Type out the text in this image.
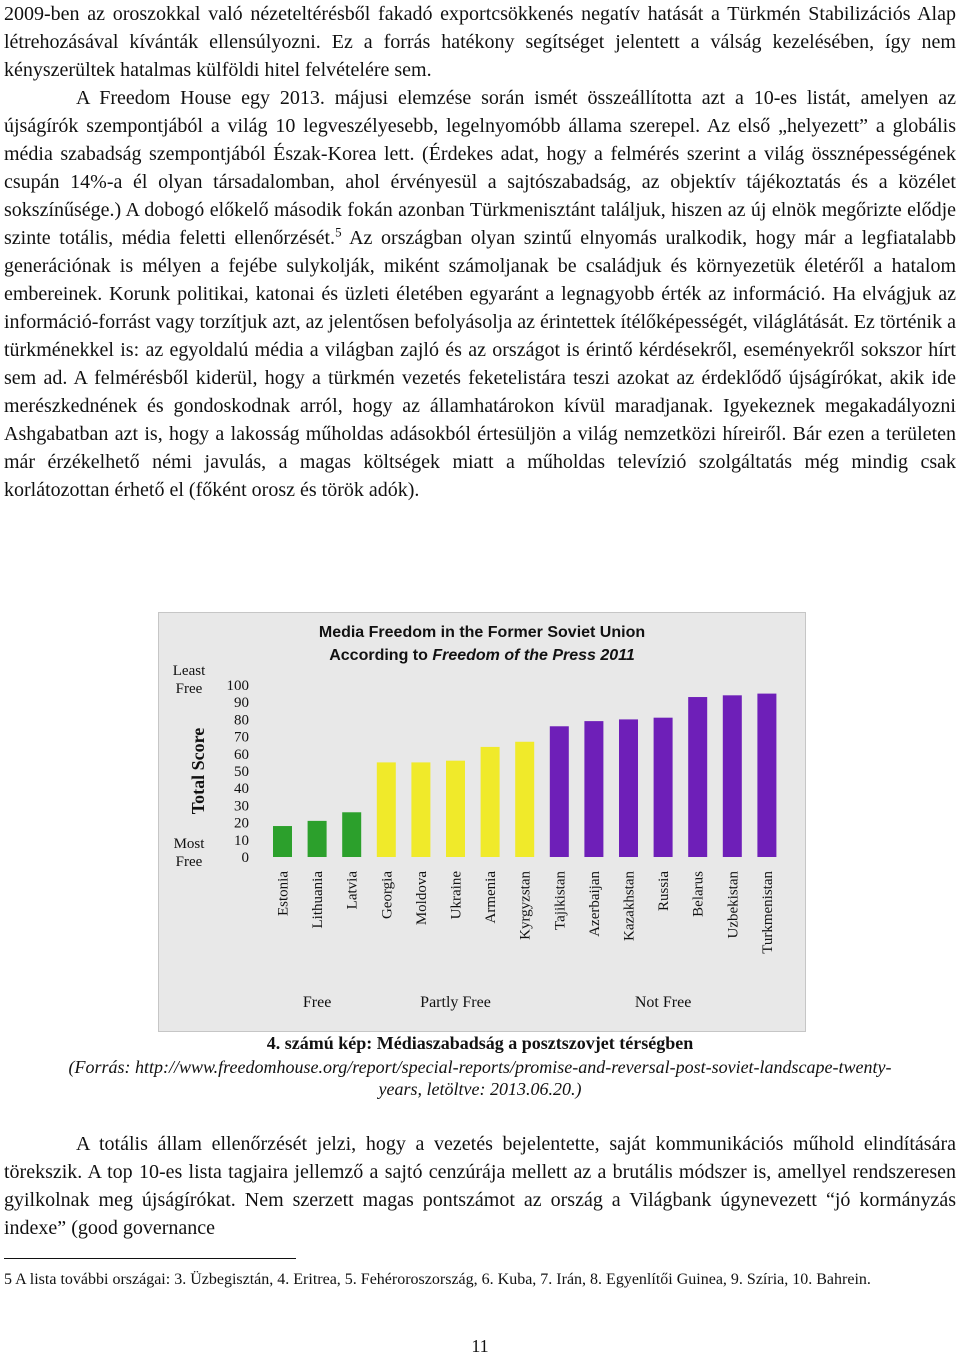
2009-ben az oroszokkal való nézeteltérésből fakadó exportcsökkenés negatív hatását a Türkmén Stabilizációs Alap létrehozásával kívánták ellensúlyozni. Ez a forrás hatékony segítséget jelentett a válság kezelésében, így nem kényszerültek hatalmas külföldi hitel felvételére sem.

A Freedom House egy 2013. májusi elemzése során ismét összeállította azt a 10-es listát, amelyen az újságírók szempontjából a világ 10 legveszélyesebb, legelnyomóbb állama szerepel. Az első „helyezett” a globális média szabadság szempontjából Észak-Korea lett. (Érdekes adat, hogy a felmérés szerint a világ össznépességének csupán 14%-a él olyan társadalomban, ahol érvényesül a sajtószabadság, az objektív tájékoztatás és a közélet sokszínűsége.) A dobogó előkelő második fokán azonban Türkmenisztánt találjuk, hiszen az új elnök megőrizte elődje szinte totális, média feletti ellenőrzését.$^5$ Az országban olyan szintű elnyomás uralkodik, hogy már a legfiatalabb generációnak is mélyen a fejébe sulykolják, miként számoljanak be családjuk és környezetük életéről a hatalom embereinek. Korunk politikai, katonai és üzleti életében egyaránt a legnagyobb érték az információ. Ha elvágjuk az információ-forrást vagy torzítjuk azt, az jelentősen befolyásolja az érintettek ítélőképességét, világlátását. Ez történik a türkménekkel is: az egyoldalú média a világban zajló és az országot is érintő kérdésekről, eseményekről sokszor hírt sem ad. A felmérésből kiderül, hogy a türkmén vezetés feketelistára teszi azokat az érdeklődő újságírókat, akik ide merészkednének és gondoskodnak arról, hogy az államhatárokon kívül maradjanak. Igyekeznek megakadályozni Ashgabatban azt is, hogy a lakosság műholdas adásokból értesüljön a világ nemzetközi híreiről. Bár ezen a területen már érzékelhető némi javulás, a magas költségek miatt a műholdas televízió szolgáltatás még mindig csak korlátozottan érhető el (főként orosz és török adók).

0
10
20
30
40
50
60
70
80
90
100
Least
Free
Most
Free
Total Score
Estonia Lithuania Latvia Georgia Moldova Ukraine Armenia Kyrgyzstan Tajikistan Azerbaijan Kazakhstan Russia Belarus Uzbekistan Turkmenistan
Free	Partly Free	Not Free
Media Freedom in the Former Soviet Union
According to Freedom of the Press 2011

4. számú kép: Médiaszabadság a posztszovjet térségben

(Forrás: http://www.freedomhouse.org/report/special-reports/promise-and-reversal-post-soviet-landscape-twenty-

years, letöltve: 2013.06.20.)

A totális állam ellenőrzését jelzi, hogy a vezetés bejelentette, saját kommunikációs műhold elindítására törekszik. A top 10-es lista tagjaira jellemző a sajtó cenzúrája mellett az a brutális módszer is, amellyel rendszeresen gyilkolnak meg újságírókat. Nem szerzett magas pontszámot az ország a Világbank úgynevezett “jó kormányzás indexe” (good governance

5 A lista további országai: 3. Üzbegisztán, 4. Eritrea, 5. Fehéroroszország, 6. Kuba, 7. Irán, 8. Egyenlítői Guinea, 9. Szíria, 10. Bahrein.

11
